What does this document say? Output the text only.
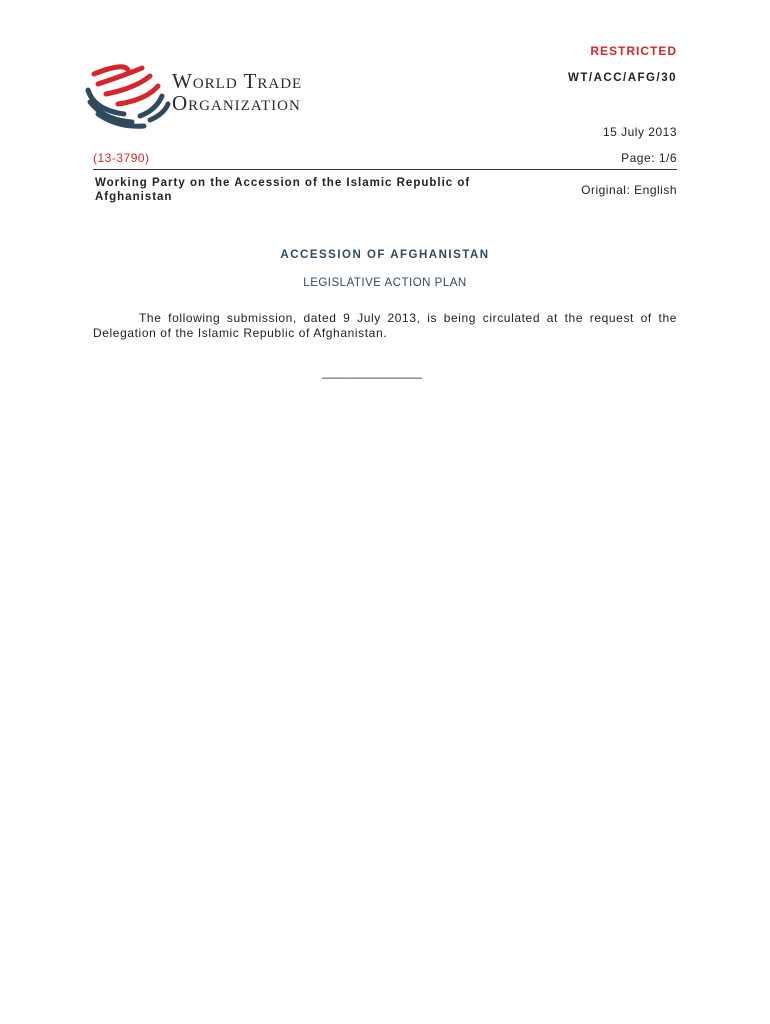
World Trade
Organization
RESTRICTED
WT/ACC/AFG/30
15 July 2013
(13-3790)	Page: 1/6
Working Party on the Accession of the Islamic Republic of Afghanistan	Original: English
ACCESSION OF AFGHANISTAN
LEGISLATIVE ACTION PLAN
The following submission, dated 9 July 2013, is being circulated at the request of the Delegation of the Islamic Republic of Afghanistan.
_______________
